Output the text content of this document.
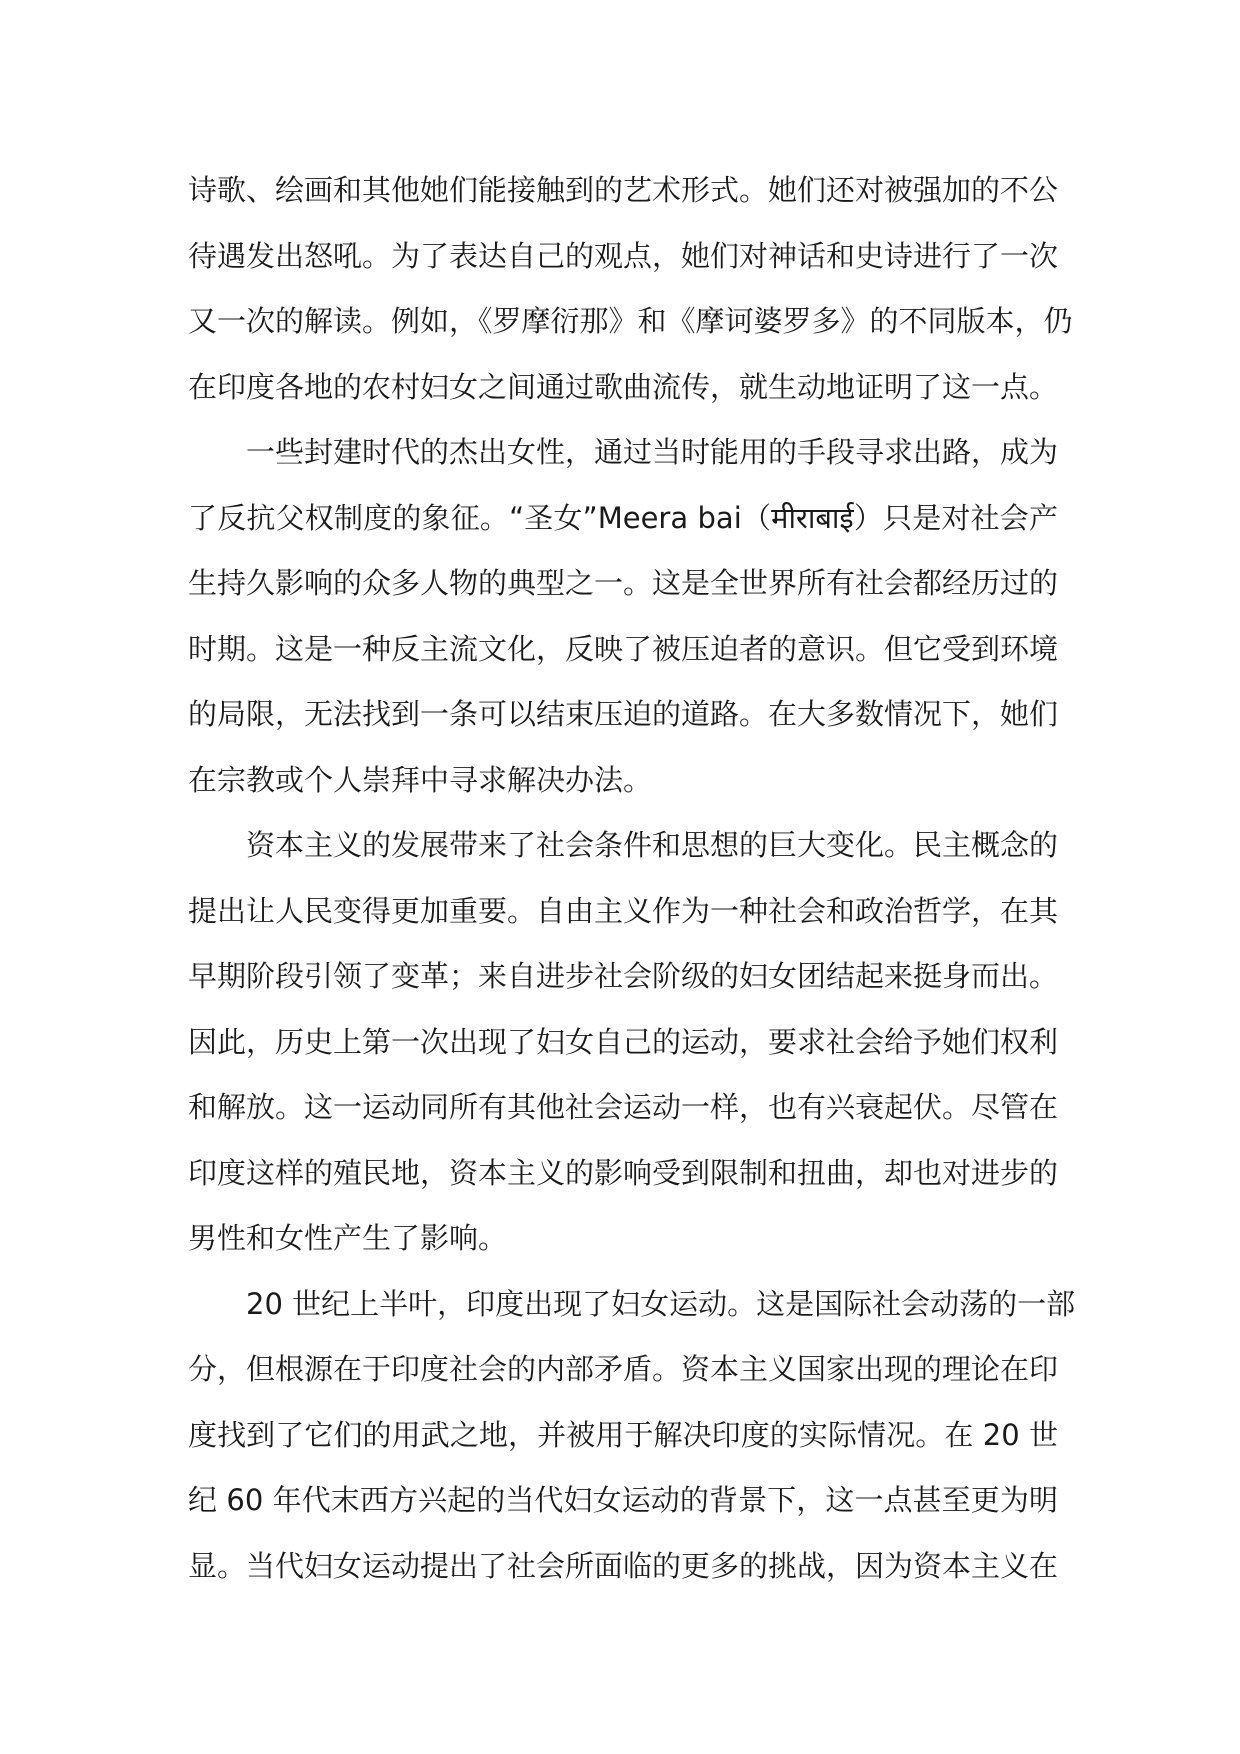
诗歌、绘画和其他她们能接触到的艺术形式。她们还对被强加的不公
待遇发出怒吼。为了表达自己的观点，她们对神话和史诗进行了一次
又一次的解读。例如，《罗摩衍那》和《摩诃婆罗多》的不同版本，仍
在印度各地的农村妇女之间通过歌曲流传，就生动地证明了这一点。
一些封建时代的杰出女性，通过当时能用的手段寻求出路，成为
了反抗父权制度的象征。“圣女”Meera bai（मीराबाई）只是对社会产
生持久影响的众多人物的典型之一。这是全世界所有社会都经历过的
时期。这是一种反主流文化，反映了被压迫者的意识。但它受到环境
的局限，无法找到一条可以结束压迫的道路。在大多数情况下，她们
在宗教或个人崇拜中寻求解决办法。
资本主义的发展带来了社会条件和思想的巨大变化。民主概念的
提出让人民变得更加重要。自由主义作为一种社会和政治哲学，在其
早期阶段引领了变革；来自进步社会阶级的妇女团结起来挺身而出。
因此，历史上第一次出现了妇女自己的运动，要求社会给予她们权利
和解放。这一运动同所有其他社会运动一样，也有兴衰起伏。尽管在
印度这样的殖民地，资本主义的影响受到限制和扭曲，却也对进步的
男性和女性产生了影响。
20 世纪上半叶，印度出现了妇女运动。这是国际社会动荡的一部
分，但根源在于印度社会的内部矛盾。资本主义国家出现的理论在印
度找到了它们的用武之地，并被用于解决印度的实际情况。在 20 世
纪 60 年代末西方兴起的当代妇女运动的背景下，这一点甚至更为明
显。当代妇女运动提出了社会所面临的更多的挑战，因为资本主义在
